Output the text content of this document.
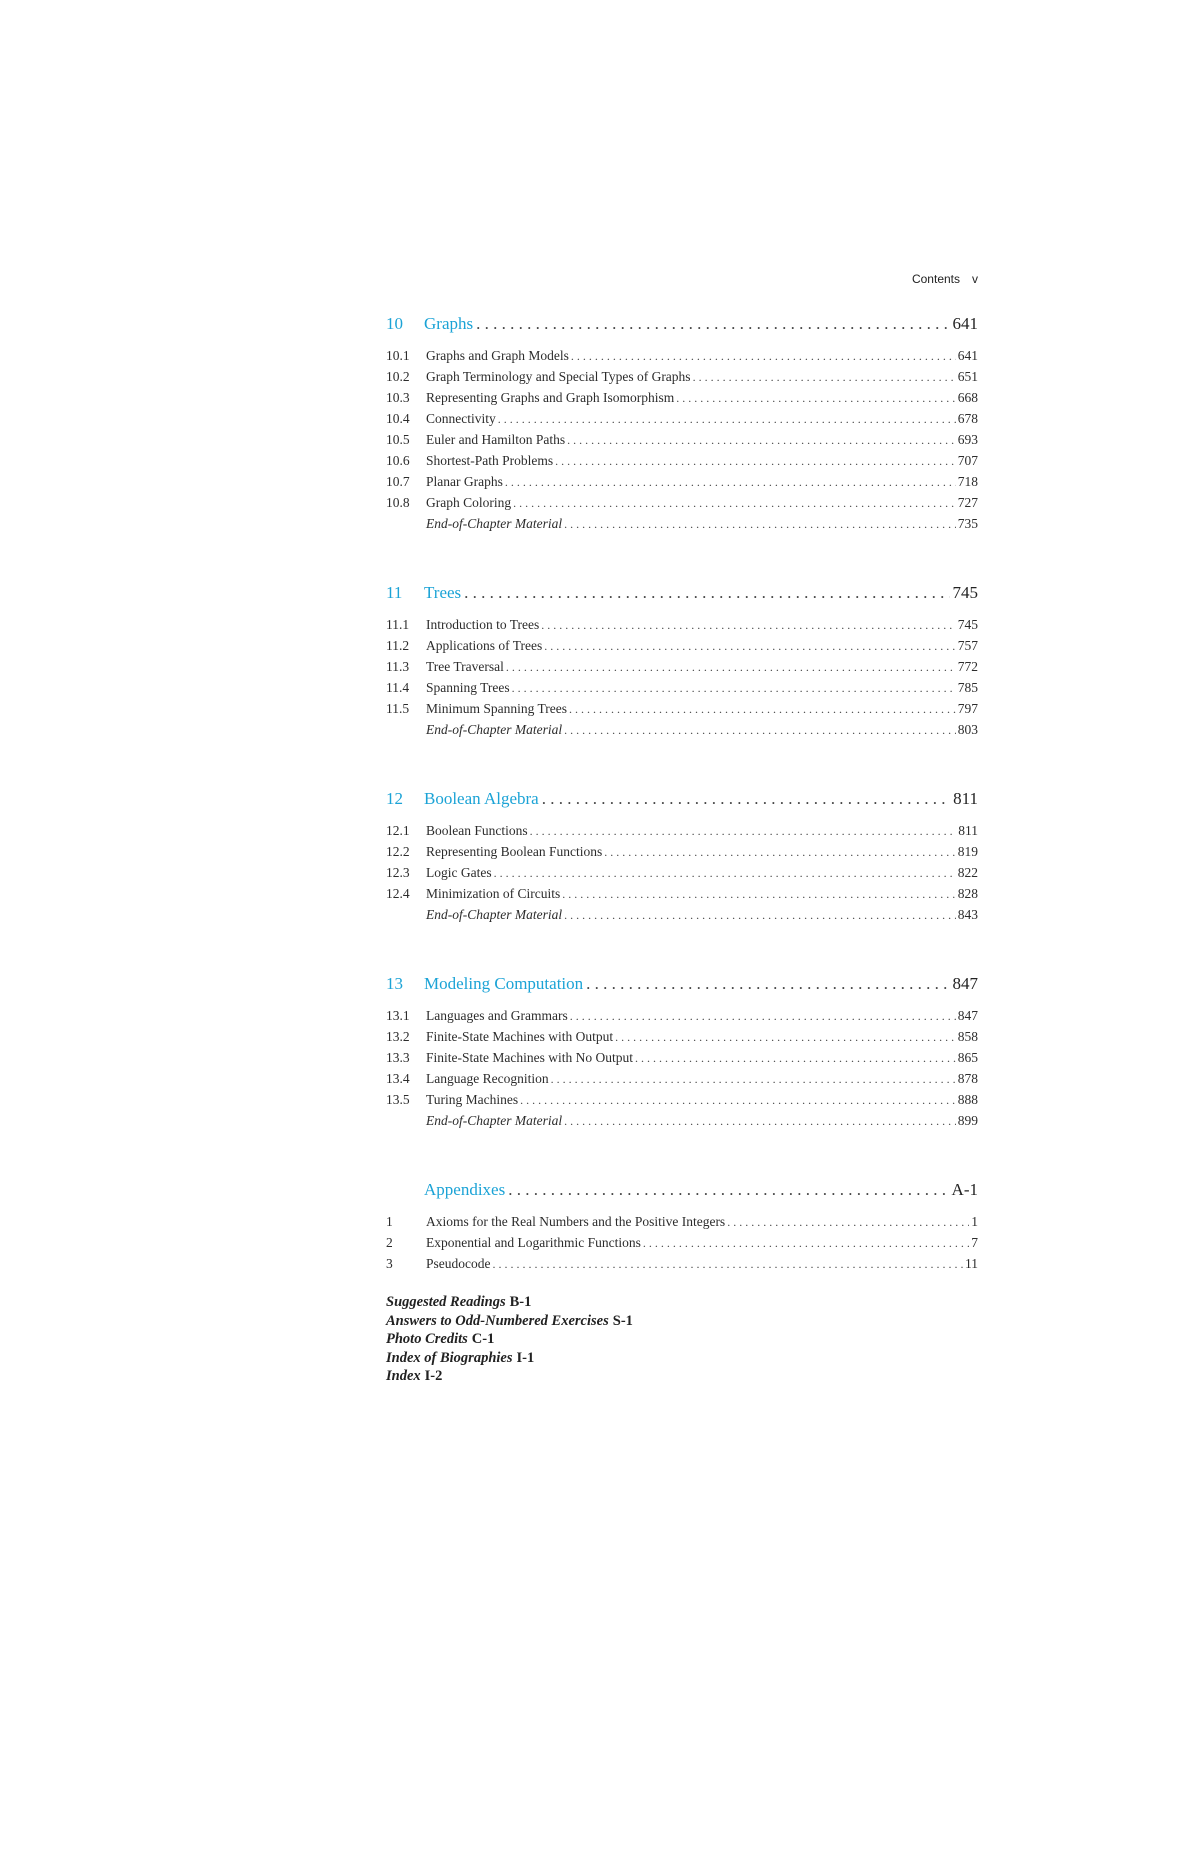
Contents v
10	Graphs . . .	641
10.1	Graphs and Graph Models . . .	641
10.2	Graph Terminology and Special Types of Graphs . . .	651
10.3	Representing Graphs and Graph Isomorphism . . .	668
10.4	Connectivity . . .	678
10.5	Euler and Hamilton Paths . . .	693
10.6	Shortest-Path Problems . . .	707
10.7	Planar Graphs . . .	718
10.8	Graph Coloring . . .	727
End-of-Chapter Material . . .	735
11	Trees . . .	745
11.1	Introduction to Trees . . .	745
11.2	Applications of Trees . . .	757
11.3	Tree Traversal . . .	772
11.4	Spanning Trees . . .	785
11.5	Minimum Spanning Trees . . .	797
End-of-Chapter Material . . .	803
12	Boolean Algebra . . .	811
12.1	Boolean Functions . . .	811
12.2	Representing Boolean Functions . . .	819
12.3	Logic Gates . . .	822
12.4	Minimization of Circuits . . .	828
End-of-Chapter Material . . .	843
13	Modeling Computation . . .	847
13.1	Languages and Grammars . . .	847
13.2	Finite-State Machines with Output . . .	858
13.3	Finite-State Machines with No Output . . .	865
13.4	Language Recognition . . .	878
13.5	Turing Machines . . .	888
End-of-Chapter Material . . .	899
Appendixes . . .	A-1
1	Axioms for the Real Numbers and the Positive Integers . . .	1
2	Exponential and Logarithmic Functions . . .	7
3	Pseudocode . . .	11
Suggested Readings B-1
Answers to Odd-Numbered Exercises S-1
Photo Credits C-1
Index of Biographies I-1
Index I-2
